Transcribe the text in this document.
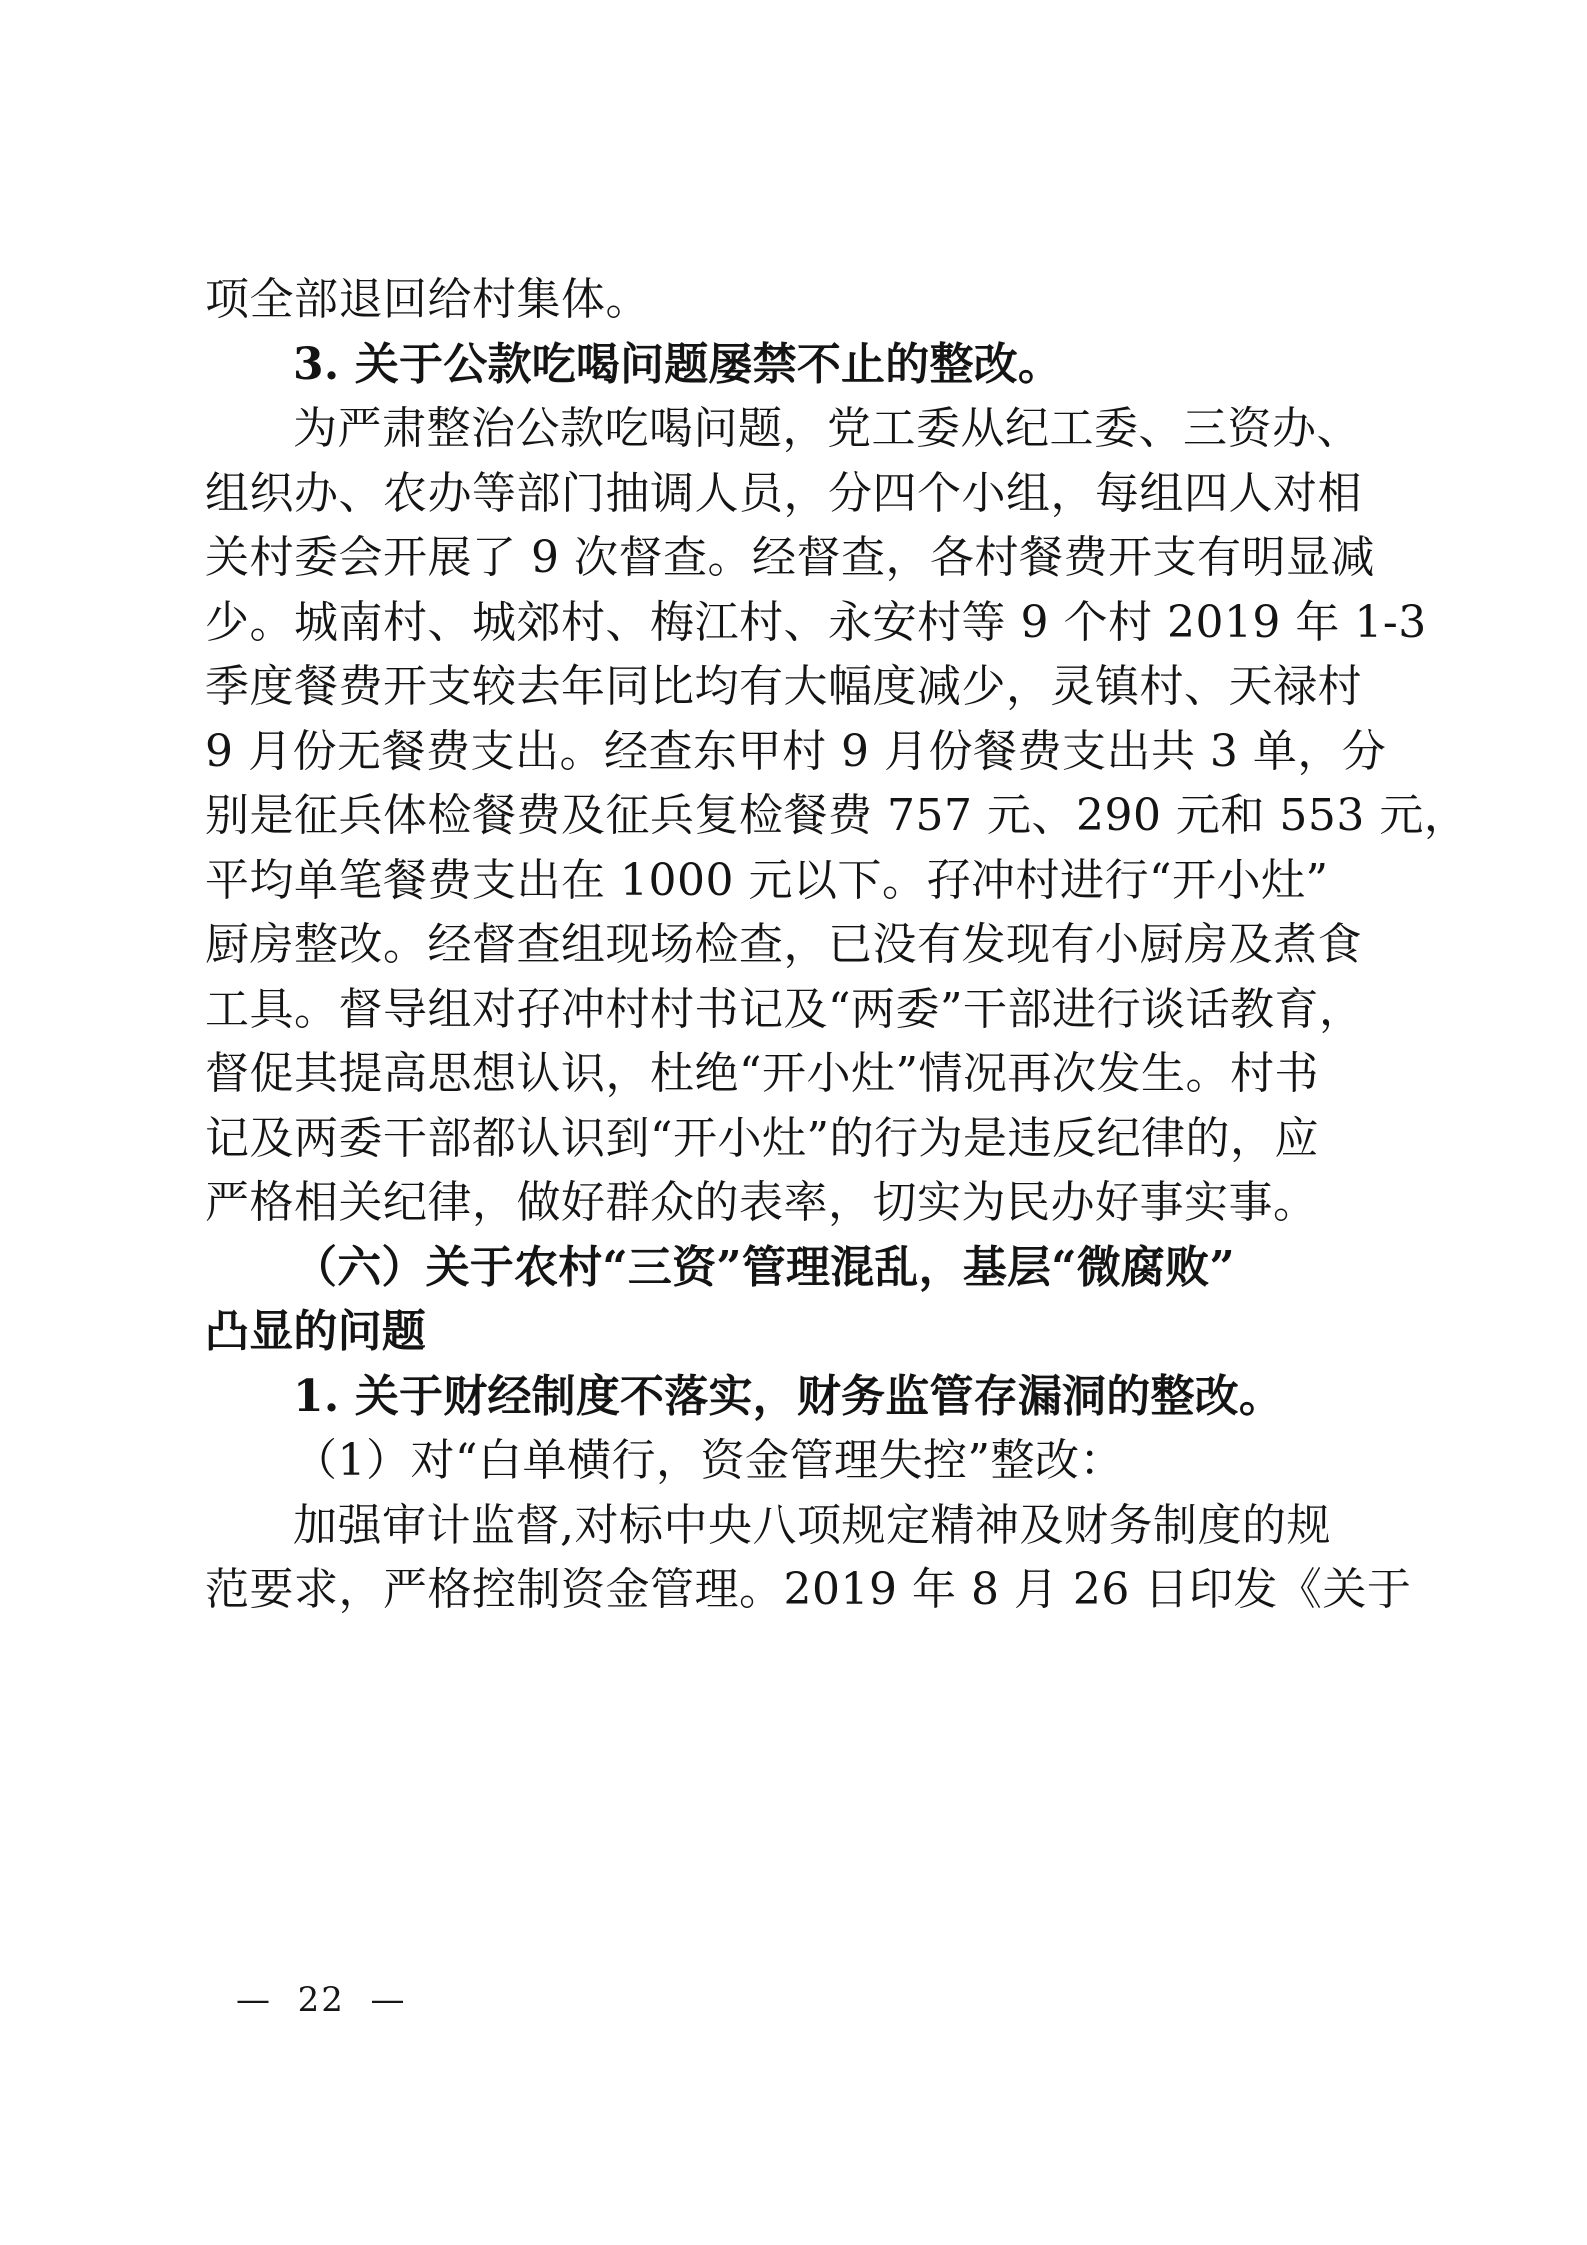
项全部退回给村集体。
3. 关于公款吃喝问题屡禁不止的整改。
为严肃整治公款吃喝问题，党工委从纪工委、三资办、
组织办、农办等部门抽调人员，分四个小组，每组四人对相
关村委会开展了 9 次督查。经督查，各村餐费开支有明显减
少。城南村、城郊村、梅江村、永安村等 9 个村 2019 年 1-3
季度餐费开支较去年同比均有大幅度减少，灵镇村、天禄村
9 月份无餐费支出。经查东甲村 9 月份餐费支出共 3 单，分
别是征兵体检餐费及征兵复检餐费 757 元、290 元和 553 元，
平均单笔餐费支出在 1000 元以下。孖冲村进行“开小灶”
厨房整改。经督查组现场检查，已没有发现有小厨房及煮食
工具。督导组对孖冲村村书记及“两委”干部进行谈话教育，
督促其提高思想认识，杜绝“开小灶”情况再次发生。村书
记及两委干部都认识到“开小灶”的行为是违反纪律的，应
严格相关纪律，做好群众的表率，切实为民办好事实事。
（六）关于农村“三资”管理混乱，基层“微腐败”
凸显的问题
1. 关于财经制度不落实，财务监管存漏洞的整改。
（1）对“白单横行，资金管理失控”整改：
加强审计监督,对标中央八项规定精神及财务制度的规
范要求，严格控制资金管理。2019 年 8 月 26 日印发《关于
—  22  —
